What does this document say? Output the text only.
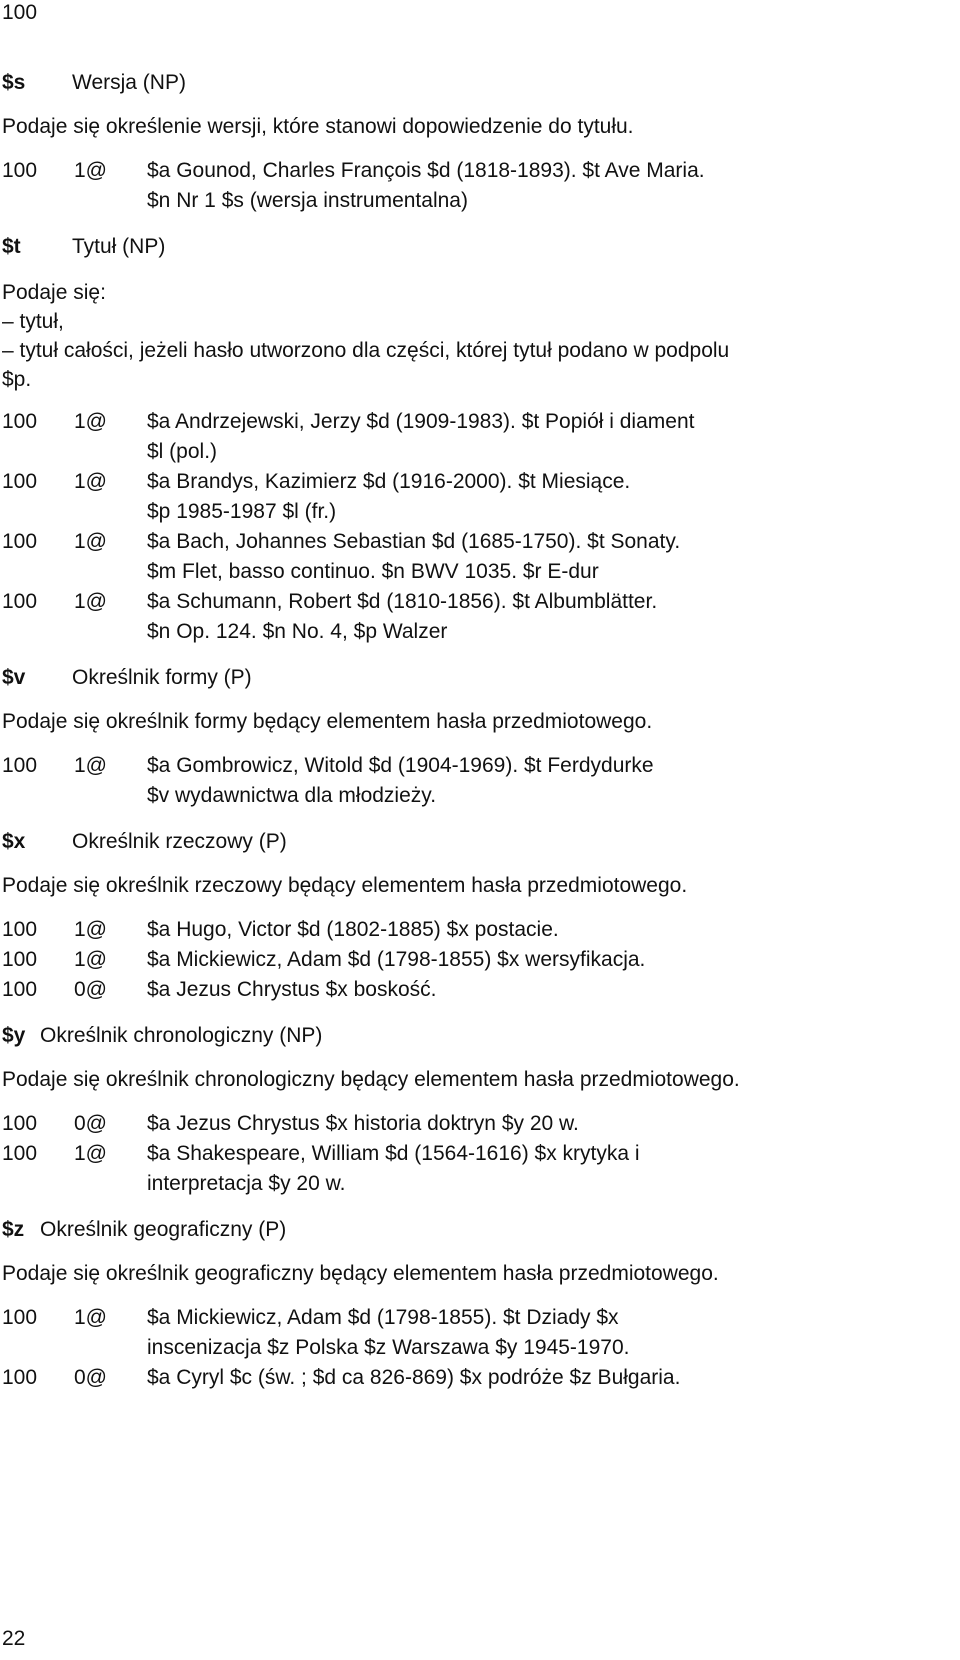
100
$s Wersja (NP)
Podaje się określenie wersji, które stanowi dopowiedzenie do tytułu.
100 1@ $a Gounod, Charles François $d (1818-1893). $t Ave Maria.
$n Nr 1 $s (wersja instrumentalna)
$t Tytuł (NP)
Podaje się:
– tytuł,
– tytuł całości, jeżeli hasło utworzono dla części, której tytuł podano w podpolu
$p.
100 1@ $a Andrzejewski, Jerzy $d (1909-1983). $t Popiół i diament
$l (pol.)
100 1@ $a Brandys, Kazimierz $d (1916-2000). $t Miesiące.
$p 1985-1987 $l (fr.)
100 1@ $a Bach, Johannes Sebastian $d (1685-1750). $t Sonaty.
$m Flet, basso continuo. $n BWV 1035. $r E-dur
100 1@ $a Schumann, Robert $d (1810-1856). $t Albumblätter.
$n Op. 124. $n No. 4, $p Walzer
$v Określnik formy (P)
Podaje się określnik formy będący elementem hasła przedmiotowego.
100 1@ $a Gombrowicz, Witold $d (1904-1969). $t Ferdydurke
$v wydawnictwa dla młodzieży.
$x Określnik rzeczowy (P)
Podaje się określnik rzeczowy będący elementem hasła przedmiotowego.
100 1@ $a Hugo, Victor $d (1802-1885) $x postacie.
100 1@ $a Mickiewicz, Adam $d (1798-1855) $x wersyfikacja.
100 0@ $a Jezus Chrystus $x boskość.
$y Określnik chronologiczny (NP)
Podaje się określnik chronologiczny będący elementem hasła przedmiotowego.
100 0@ $a Jezus Chrystus $x historia doktryn $y 20 w.
100 1@ $a Shakespeare, William $d (1564-1616) $x krytyka i
interpretacja $y 20 w.
$z Określnik geograficzny (P)
Podaje się określnik geograficzny będący elementem hasła przedmiotowego.
100 1@ $a Mickiewicz, Adam $d (1798-1855). $t Dziady $x
inscenizacja $z Polska $z Warszawa $y 1945-1970.
100 0@ $a Cyryl $c (św. ; $d ca 826-869) $x podróże $z Bułgaria.
22
